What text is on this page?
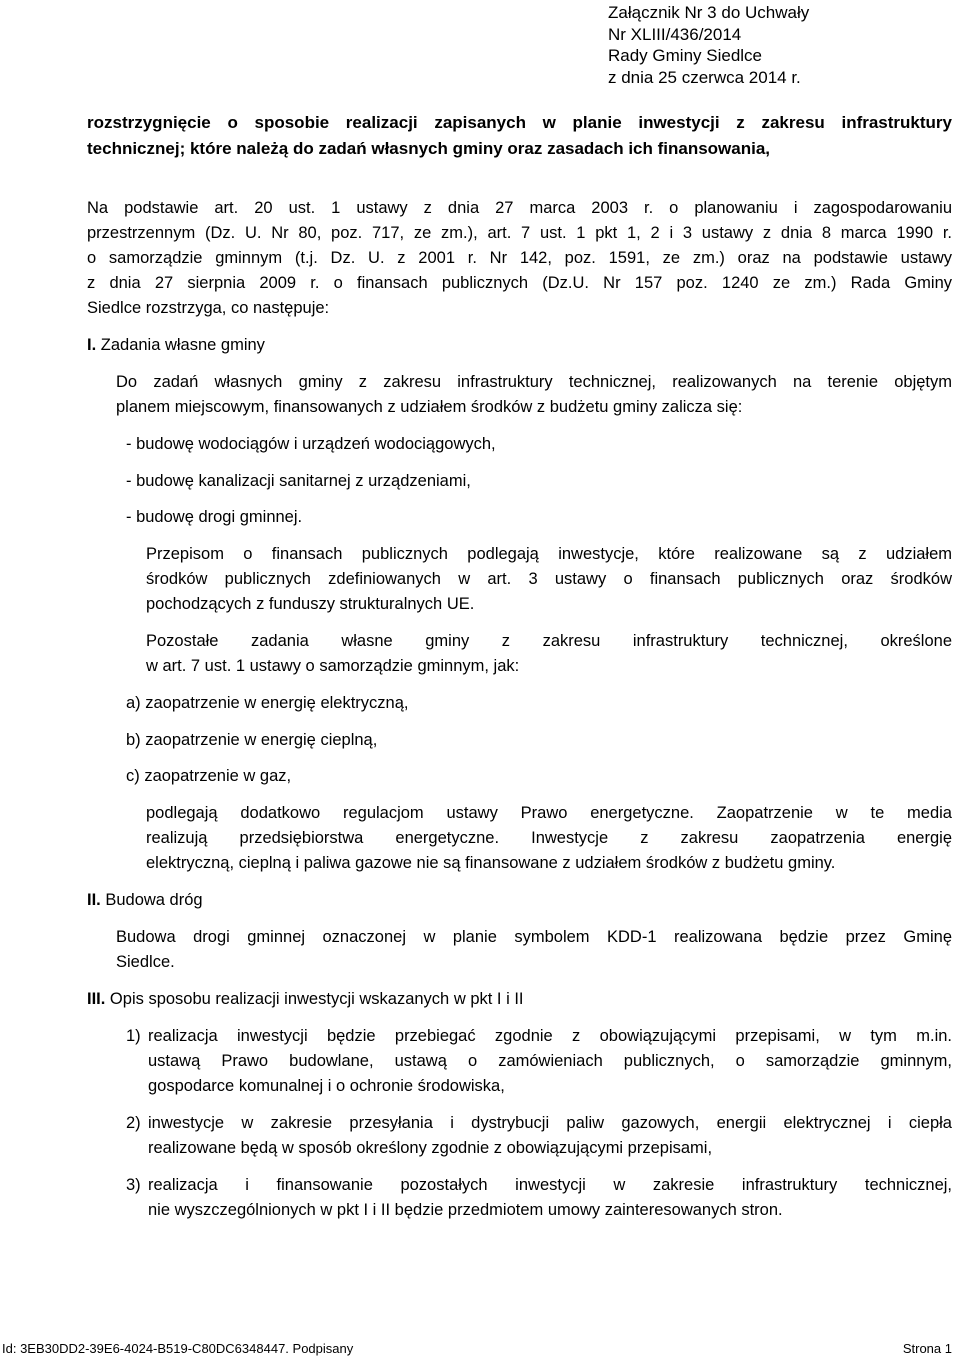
Załącznik Nr 3 do Uchwały
Nr XLIII/436/2014
Rady Gminy Siedlce
z dnia 25 czerwca 2014 r.
rozstrzygnięcie o sposobie realizacji zapisanych w planie inwestycji z zakresu infrastruktury
technicznej; które należą do zadań własnych gminy oraz zasadach ich finansowania,
Na podstawie art. 20 ust. 1 ustawy z dnia 27 marca 2003 r. o planowaniu i zagospodarowaniu
przestrzennym (Dz. U. Nr 80, poz. 717, ze zm.), art. 7 ust. 1 pkt 1, 2 i 3 ustawy z dnia 8 marca 1990 r.
o samorządzie gminnym (t.j. Dz. U. z 2001 r. Nr 142, poz. 1591, ze zm.) oraz na podstawie ustawy
z dnia 27 sierpnia 2009 r. o finansach publicznych (Dz.U. Nr 157 poz. 1240 ze zm.) Rada Gminy
Siedlce rozstrzyga, co następuje:
I. Zadania własne gminy
Do zadań własnych gminy z zakresu infrastruktury technicznej, realizowanych na terenie objętym
planem miejscowym, finansowanych z udziałem środków z budżetu gminy zalicza się:
- budowę wodociągów i urządzeń wodociągowych,
- budowę kanalizacji sanitarnej z urządzeniami,
- budowę drogi gminnej.
Przepisom o finansach publicznych podlegają inwestycje, które realizowane są z udziałem
środków publicznych zdefiniowanych w art. 3 ustawy o finansach publicznych oraz środków
pochodzących z funduszy strukturalnych UE.
Pozostałe zadania własne gminy z zakresu infrastruktury technicznej, określone
w art. 7 ust. 1 ustawy o samorządzie gminnym, jak:
a) zaopatrzenie w energię elektryczną,
b) zaopatrzenie w energię cieplną,
c) zaopatrzenie w gaz,
podlegają dodatkowo regulacjom ustawy Prawo energetyczne. Zaopatrzenie w te media
realizują przedsiębiorstwa energetyczne. Inwestycje z zakresu zaopatrzenia energię
elektryczną, cieplną i paliwa gazowe nie są finansowane z udziałem środków z budżetu gminy.
II. Budowa dróg
Budowa drogi gminnej oznaczonej w planie symbolem KDD-1 realizowana będzie przez Gminę
Siedlce.
III. Opis sposobu realizacji inwestycji wskazanych w pkt I i II
1) realizacja inwestycji będzie przebiegać zgodnie z obowiązującymi przepisami, w tym m.in.
ustawą Prawo budowlane, ustawą o zamówieniach publicznych, o samorządzie gminnym,
gospodarce komunalnej i o ochronie środowiska,
2) inwestycje w zakresie przesyłania i dystrybucji paliw gazowych, energii elektrycznej i ciepła
realizowane będą w sposób określony zgodnie z obowiązującymi przepisami,
3) realizacja i finansowanie pozostałych inwestycji w zakresie infrastruktury technicznej,
nie wyszczególnionych w pkt I i II będzie przedmiotem umowy zainteresowanych stron.
Id: 3EB30DD2-39E6-4024-B519-C80DC6348447. Podpisany	Strona 1
